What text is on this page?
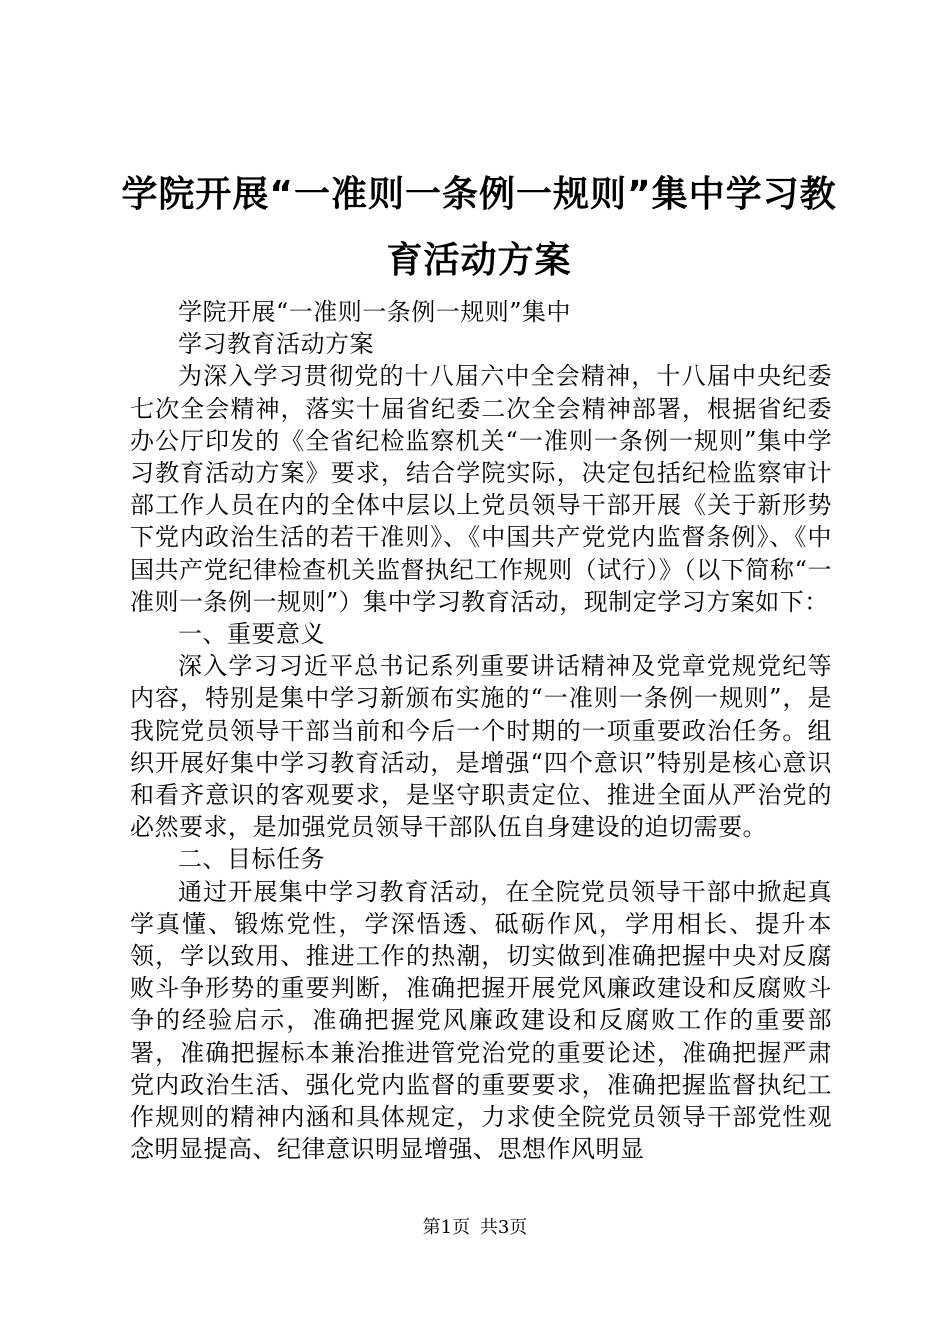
学院开展“一准则一条例一规则”集中学习教育活动方案

学院开展“一准则一条例一规则”集中

学习教育活动方案

为深入学习贯彻党的十八届六中全会精神，十八届中央纪委七次全会精神，落实十届省纪委二次全会精神部署，根据省纪委办公厅印发的《全省纪检监察机关“一准则一条例一规则”集中学习教育活动方案》要求，结合学院实际，决定包括纪检监察审计部工作人员在内的全体中层以上党员领导干部开展《关于新形势下党内政治生活的若干准则》、《中国共产党党内监督条例》、《中国共产党纪律检查机关监督执纪工作规则（试行）》（以下简称“一准则一条例一规则”）集中学习教育活动，现制定学习方案如下：

一、重要意义

深入学习习近平总书记系列重要讲话精神及党章党规党纪等内容，特别是集中学习新颁布实施的“一准则一条例一规则”，是我院党员领导干部当前和今后一个时期的一项重要政治任务。组织开展好集中学习教育活动，是增强“四个意识”特别是核心意识和看齐意识的客观要求，是坚守职责定位、推进全面从严治党的必然要求，是加强党员领导干部队伍自身建设的迫切需要。

二、目标任务

通过开展集中学习教育活动，在全院党员领导干部中掀起真学真懂、锻炼党性，学深悟透、砥砺作风，学用相长、提升本领，学以致用、推进工作的热潮，切实做到准确把握中央对反腐败斗争形势的重要判断，准确把握开展党风廉政建设和反腐败斗争的经验启示，准确把握党风廉政建设和反腐败工作的重要部署，准确把握标本兼治推进管党治党的重要论述，准确把握严肃党内政治生活、强化党内监督的重要要求，准确把握监督执纪工作规则的精神内涵和具体规定，力求使全院党员领导干部党性观念明显提高、纪律意识明显增强、思想作风明显

第1页 共3页
